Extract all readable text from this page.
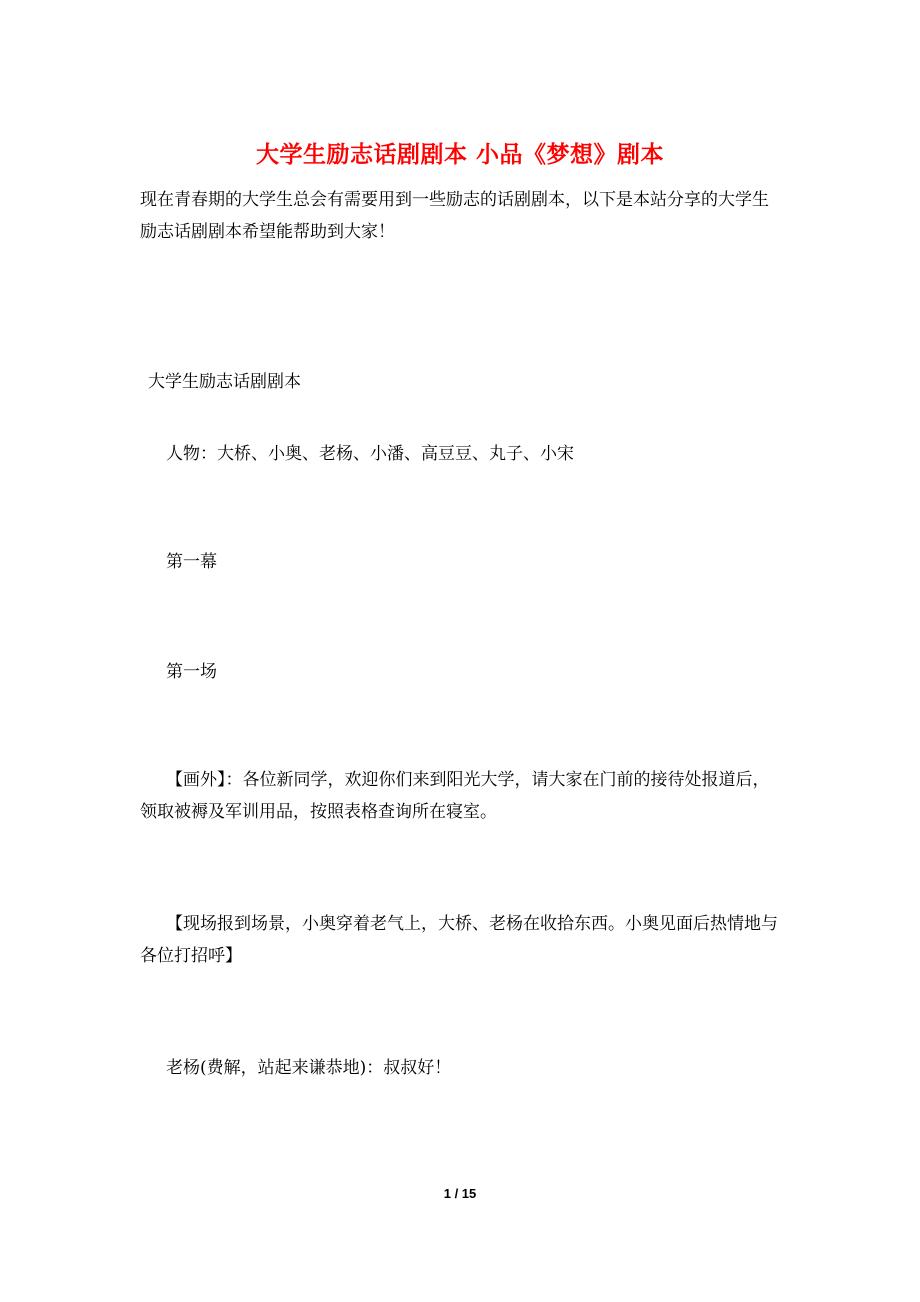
大学生励志话剧剧本 小品《梦想》剧本

现在青春期的大学生总会有需要用到一些励志的话剧剧本，以下是本站分享的大学生励志话剧剧本希望能帮助到大家！

大学生励志话剧剧本

人物：大桥、小奥、老杨、小潘、高豆豆、丸子、小宋

第一幕

第一场

【画外】：各位新同学，欢迎你们来到阳光大学，请大家在门前的接待处报道后，领取被褥及军训用品，按照表格查询所在寝室。

【现场报到场景，小奥穿着老气上，大桥、老杨在收拾东西。小奥见面后热情地与各位打招呼】

老杨(费解，站起来谦恭地)：叔叔好！

1 / 15
